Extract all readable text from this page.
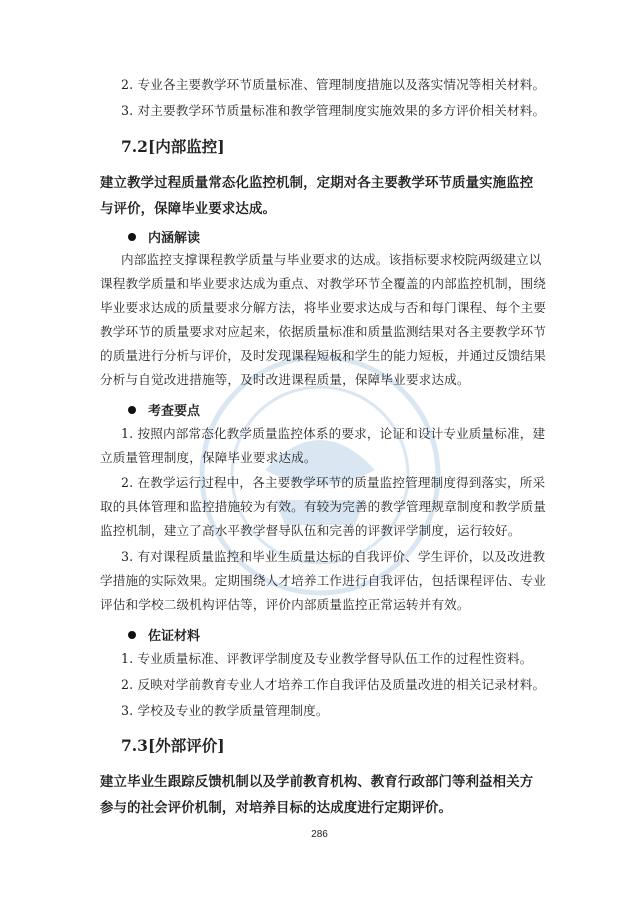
2. 专业各主要教学环节质量标准、管理制度措施以及落实情况等相关材料。
3. 对主要教学环节质量标准和教学管理制度实施效果的多方评价相关材料。
7.2[内部监控]
建立教学过程质量常态化监控机制，定期对各主要教学环节质量实施监控
与评价，保障毕业要求达成。
内涵解读
内部监控支撑课程教学质量与毕业要求的达成。该指标要求校院两级建立以
课程教学质量和毕业要求达成为重点、对教学环节全覆盖的内部监控机制，围绕
毕业要求达成的质量要求分解方法，将毕业要求达成与否和每门课程、每个主要
教学环节的质量要求对应起来，依据质量标准和质量监测结果对各主要教学环节
的质量进行分析与评价，及时发现课程短板和学生的能力短板，并通过反馈结果
分析与自觉改进措施等，及时改进课程质量，保障毕业要求达成。
考查要点
1. 按照内部常态化教学质量监控体系的要求，论证和设计专业质量标准，建
立质量管理制度，保障毕业要求达成。
2. 在教学运行过程中，各主要教学环节的质量监控管理制度得到落实，所采
取的具体管理和监控措施较为有效。有较为完善的教学管理规章制度和教学质量
监控机制，建立了高水平教学督导队伍和完善的评教评学制度，运行较好。
3. 有对课程质量监控和毕业生质量达标的自我评价、学生评价，以及改进教
学措施的实际效果。定期围绕人才培养工作进行自我评估，包括课程评估、专业
评估和学校二级机构评估等，评价内部质量监控正常运转并有效。
佐证材料
1. 专业质量标准、评教评学制度及专业教学督导队伍工作的过程性资料。
2. 反映对学前教育专业人才培养工作自我评估及质量改进的相关记录材料。
3. 学校及专业的教学质量管理制度。
7.3[外部评价]
建立毕业生跟踪反馈机制以及学前教育机构、教育行政部门等利益相关方
参与的社会评价机制，对培养目标的达成度进行定期评价。
286
